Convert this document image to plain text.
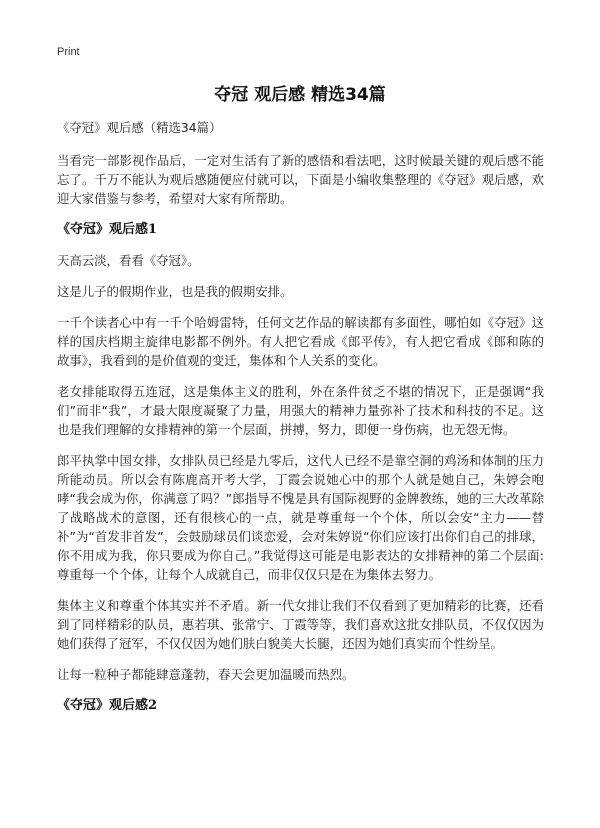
Print
夺冠 观后感 精选34篇

《夺冠》观后感（精选34篇）

当看完一部影视作品后，一定对生活有了新的感悟和看法吧，这时候最关键的观后感不能忘了。千万不能认为观后感随便应付就可以，下面是小编收集整理的《夺冠》观后感，欢迎大家借鉴与参考，希望对大家有所帮助。

《夺冠》观后感1

天高云淡，看看《夺冠》。

这是儿子的假期作业，也是我的假期安排。

一千个读者心中有一千个哈姆雷特，任何文艺作品的解读都有多面性，哪怕如《夺冠》这样的国庆档期主旋律电影都不例外。有人把它看成《郎平传》，有人把它看成《郎和陈的故事》，我看到的是价值观的变迁，集体和个人关系的变化。

老女排能取得五连冠，这是集体主义的胜利，外在条件贫乏不堪的情况下，正是强调“我们”而非“我”，才最大限度凝聚了力量，用强大的精神力量弥补了技术和科技的不足。这也是我们理解的女排精神的第一个层面，拼搏，努力，即便一身伤病，也无怨无悔。

郎平执掌中国女排，女排队员已经是九零后，这代人已经不是靠空洞的鸡汤和体制的压力所能动员。所以会有陈鹿高开考大学，丁霞会说她心中的那个人就是她自己，朱婷会咆哮“我会成为你，你满意了吗？”郎指导不愧是具有国际视野的金牌教练，她的三大改革除了战略战术的意图，还有很核心的一点，就是尊重每一个个体，所以会安“主力——替补”为“首发非首发”，会鼓励球员们谈恋爱，会对朱婷说“你们应该打出你们自己的排球，你不用成为我，你只要成为你自己。”我觉得这可能是电影表达的女排精神的第二个层面:尊重每一个个体，让每个人成就自己，而非仅仅只是在为集体去努力。

集体主义和尊重个体其实并不矛盾。新一代女排让我们不仅看到了更加精彩的比赛，还看到了同样精彩的队员，惠若琪、张常宁、丁霞等等，我们喜欢这批女排队员，不仅仅因为她们获得了冠军，不仅仅因为她们肤白貌美大长腿，还因为她们真实而个性纷呈。

让每一粒种子都能肆意蓬勃，春天会更加温暖而热烈。

《夺冠》观后感2
